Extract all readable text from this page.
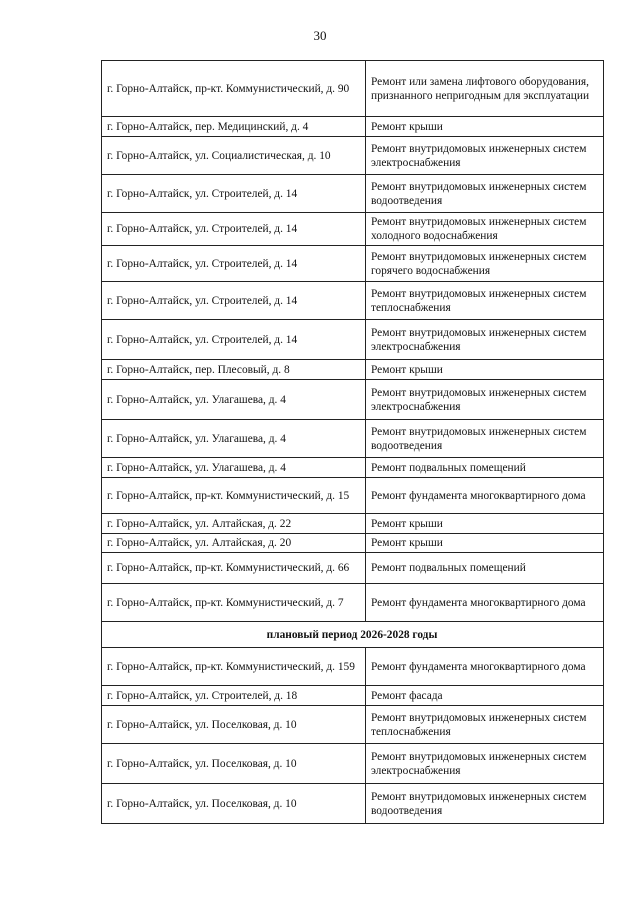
30
г. Горно-Алтайск, пр-кт. Коммунистический, д. 90	Ремонт или замена лифтового оборудования, признанного непригодным для эксплуатации
г. Горно-Алтайск, пер. Медицинский, д. 4	Ремонт крыши
г. Горно-Алтайск, ул. Социалистическая, д. 10	Ремонт внутридомовых инженерных систем электроснабжения
г. Горно-Алтайск, ул. Строителей, д. 14	Ремонт внутридомовых инженерных систем водоотведения
г. Горно-Алтайск, ул. Строителей, д. 14	Ремонт внутридомовых инженерных систем холодного водоснабжения
г. Горно-Алтайск, ул. Строителей, д. 14	Ремонт внутридомовых инженерных систем горячего водоснабжения
г. Горно-Алтайск, ул. Строителей, д. 14	Ремонт внутридомовых инженерных систем теплоснабжения
г. Горно-Алтайск, ул. Строителей, д. 14	Ремонт внутридомовых инженерных систем электроснабжения
г. Горно-Алтайск, пер. Плесовый, д. 8	Ремонт крыши
г. Горно-Алтайск, ул. Улагашева, д. 4	Ремонт внутридомовых инженерных систем электроснабжения
г. Горно-Алтайск, ул. Улагашева, д. 4	Ремонт внутридомовых инженерных систем водоотведения
г. Горно-Алтайск, ул. Улагашева, д. 4	Ремонт подвальных помещений
г. Горно-Алтайск, пр-кт. Коммунистический, д. 15	Ремонт фундамента многоквартирного дома
г. Горно-Алтайск, ул. Алтайская, д. 22	Ремонт крыши
г. Горно-Алтайск, ул. Алтайская, д. 20	Ремонт крыши
г. Горно-Алтайск, пр-кт. Коммунистический, д. 66	Ремонт подвальных помещений
г. Горно-Алтайск, пр-кт. Коммунистический, д. 7	Ремонт фундамента многоквартирного дома
плановый период 2026-2028 годы	
г. Горно-Алтайск, пр-кт. Коммунистический, д. 159	Ремонт фундамента многоквартирного дома
г. Горно-Алтайск, ул. Строителей, д. 18	Ремонт фасада
г. Горно-Алтайск, ул. Поселковая, д. 10	Ремонт внутридомовых инженерных систем теплоснабжения
г. Горно-Алтайск, ул. Поселковая, д. 10	Ремонт внутридомовых инженерных систем электроснабжения
г. Горно-Алтайск, ул. Поселковая, д. 10	Ремонт внутридомовых инженерных систем водоотведения
